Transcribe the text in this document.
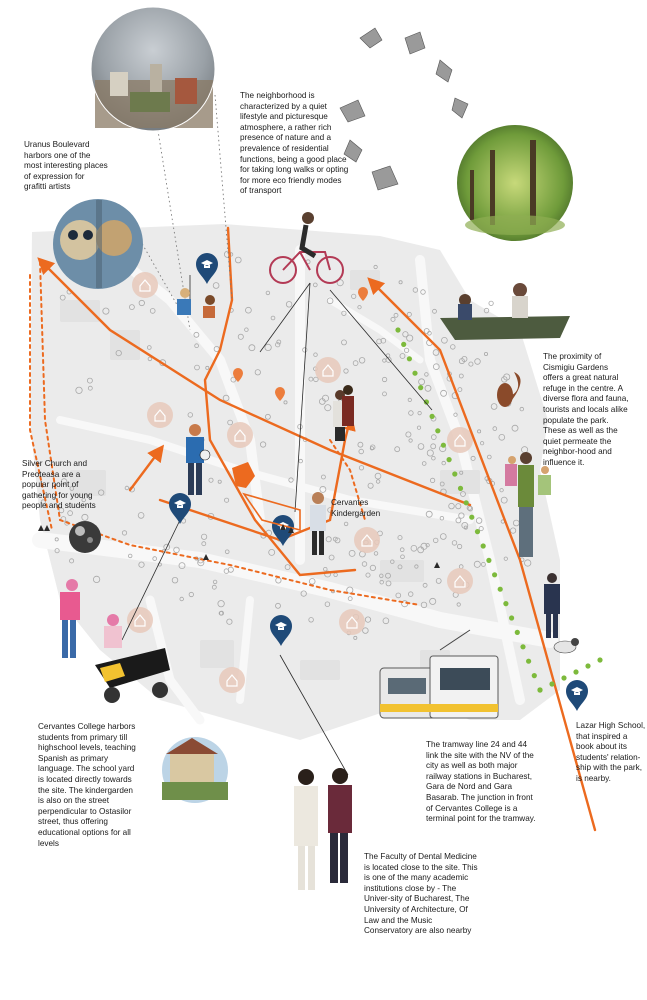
The neighborhood is characterized by a quiet lifestyle and picturesque atmosphere, a rather rich presence of nature and a prevalence of residential functions, being a good place for taking long walks or opting for more eco friendly modes of transport

Uranus Boulevard harbors one of the most interesting places of expression for grafitti artists

Silver Church and Preoteasa are a popular point of gathering for young people and students	Cervantes Kindergarden

The proximity of Cismigiu Gardens offers a great natural refuge in the centre. A diverse flora and fauna, tourists and locals alike populate the park. These as well as the quiet permeate the neighbor-hood and influence it.

Lazar High School, that inspired a book about its students' relation-ship with the park, is nearby.

Cervantes College harbors students from primary till highschool levels, teaching Spanish as primary language. The school yard is located directly towards the site. The kindergarden is also on the street perpendicular to Ostasilor street, thus offering educational options for all levels

The tramway line 24 and 44 link the site with the NV of the city as well as both major railway stations in Bucharest, Gara de Nord and Gara Basarab. The junction in front of Cervantes College is a terminal point for the tramway.

The Faculty of Dental Medicine is located close to the site. This is one of the many academic institutions close by - The Univer-sity of Bucharest, The University of Architecture, Of Law and the Music Conservatory are also nearby
